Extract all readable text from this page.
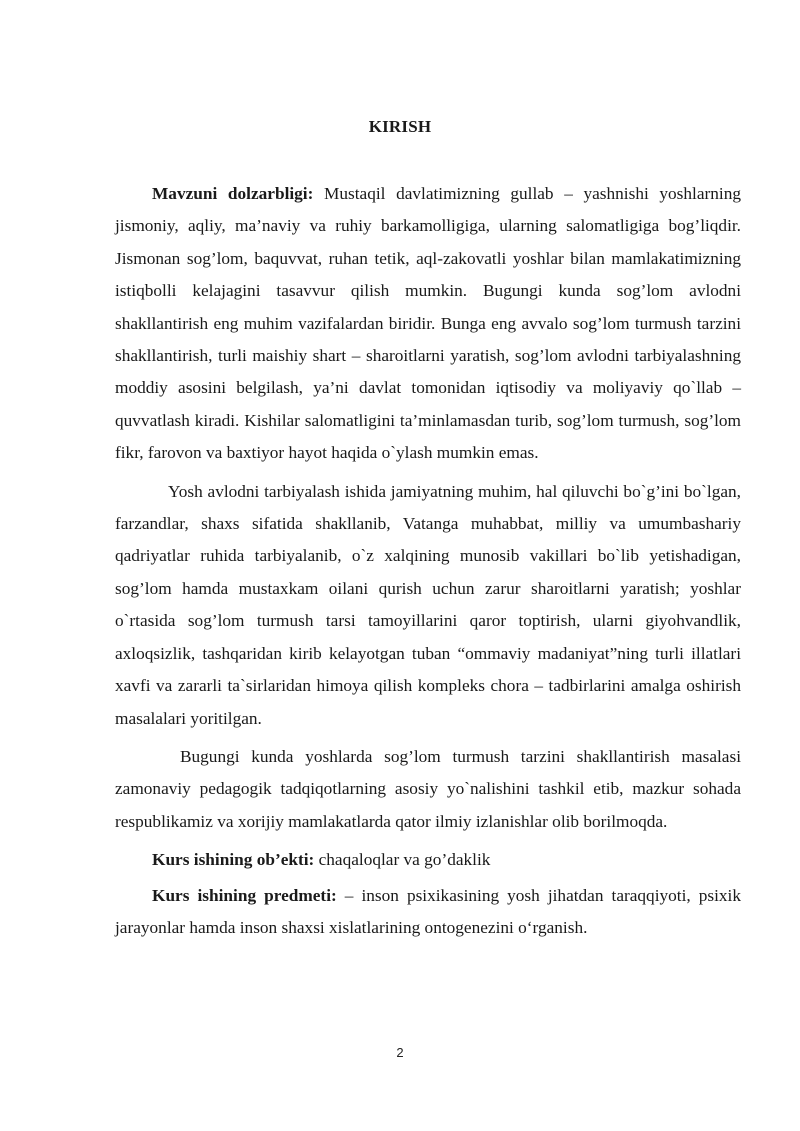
KIRISH

Mavzuni dolzarbligi: Mustaqil davlatimizning gullab – yashnishi yoshlarning jismoniy, aqliy, ma’naviy va ruhiy barkamolligiga, ularning salomatligiga bog’liqdir. Jismonan sog’lom, baquvvat, ruhan tetik, aql-zakovatli yoshlar bilan mamlakatimizning istiqbolli kelajagini tasavvur qilish mumkin. Bugungi kunda sog’lom avlodni shakllantirish eng muhim vazifalardan biridir. Bunga eng avvalo sog’lom turmush tarzini shakllantirish, turli maishiy shart – sharoitlarni yaratish, sog’lom avlodni tarbiyalashning moddiy asosini belgilash, ya’ni davlat tomonidan iqtisodiy va moliyaviy qo`llab – quvvatlash kiradi. Kishilar salomatligini ta’minlamasdan turib, sog’lom turmush, sog’lom fikr, farovon va baxtiyor hayot haqida o`ylash mumkin emas.

Yosh avlodni tarbiyalash ishida jamiyatning muhim, hal qiluvchi bo`g’ini bo`lgan, farzandlar, shaxs sifatida shakllanib, Vatanga muhabbat, milliy va umumbashariy qadriyatlar ruhida tarbiyalanib, o`z xalqining munosib vakillari bo`lib yetishadigan, sog’lom hamda mustaxkam oilani qurish uchun zarur sharoitlarni yaratish; yoshlar o`rtasida sog’lom turmush tarsi tamoyillarini qaror toptirish, ularni giyohvandlik, axloqsizlik, tashqaridan kirib kelayotgan tuban “ommaviy madaniyat”ning turli illatlari xavfi va zararli ta`sirlaridan himoya qilish kompleks chora – tadbirlarini amalga oshirish masalalari yoritilgan.

Bugungi kunda yoshlarda sog’lom turmush tarzini shakllantirish masalasi zamonaviy pedagogik tadqiqotlarning asosiy yo`nalishini tashkil etib, mazkur sohada respublikamiz va xorijiy mamlakatlarda qator ilmiy izlanishlar olib borilmoqda.

Kurs ishining ob’ekti: chaqaloqlar va go’daklik

Kurs ishining predmeti: – inson psixikasining yosh jihatdan taraqqiyoti, psixik jarayonlar hamda inson shaxsi xislatlarining ontogenezini o‘rganish.

2
